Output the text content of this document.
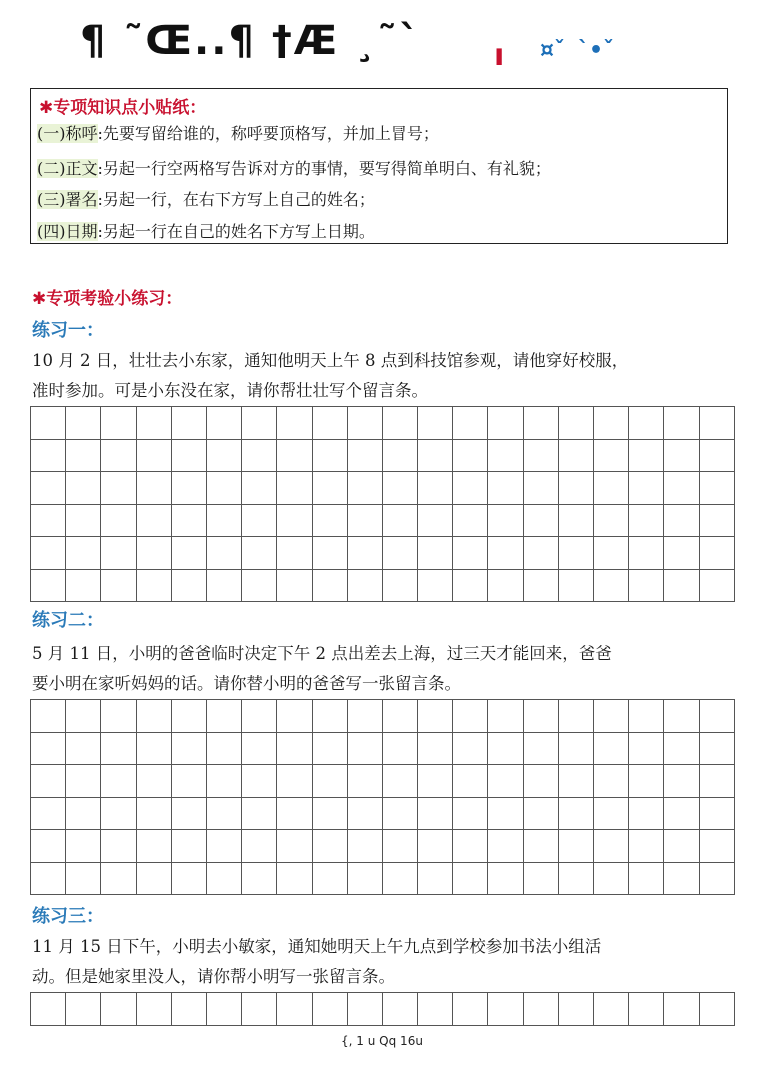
¶ ˜Œ..¶ †Æ ¸˜` ı ¤ˇ `•ˇ
✱专项知识点小贴纸：
(一)称呼:先要写留给谁的，称呼要顶格写，并加上冒号；
(二)正文:另起一行空两格写告诉对方的事情，要写得简单明白、有礼貌；
(三)署名:另起一行，在右下方写上自己的姓名；
(四)日期:另起一行在自己的姓名下方写上日期。
✱专项考验小练习：
练习一：
10 月 2 日，壮壮去小东家，通知他明天上午 8 点到科技馆参观，请他穿好校服，
准时参加。可是小东没在家，请你帮壮壮写个留言条。
练习二：
5 月 11 日，小明的爸爸临时决定下午 2 点出差去上海，过三天才能回来，爸爸
要小明在家听妈妈的话。请你替小明的爸爸写一张留言条。
练习三：
11 月 15 日下午，小明去小敏家，通知她明天上午九点到学校参加书法小组活
动。但是她家里没人，请你帮小明写一张留言条。
{, 1 u Qq 16u
